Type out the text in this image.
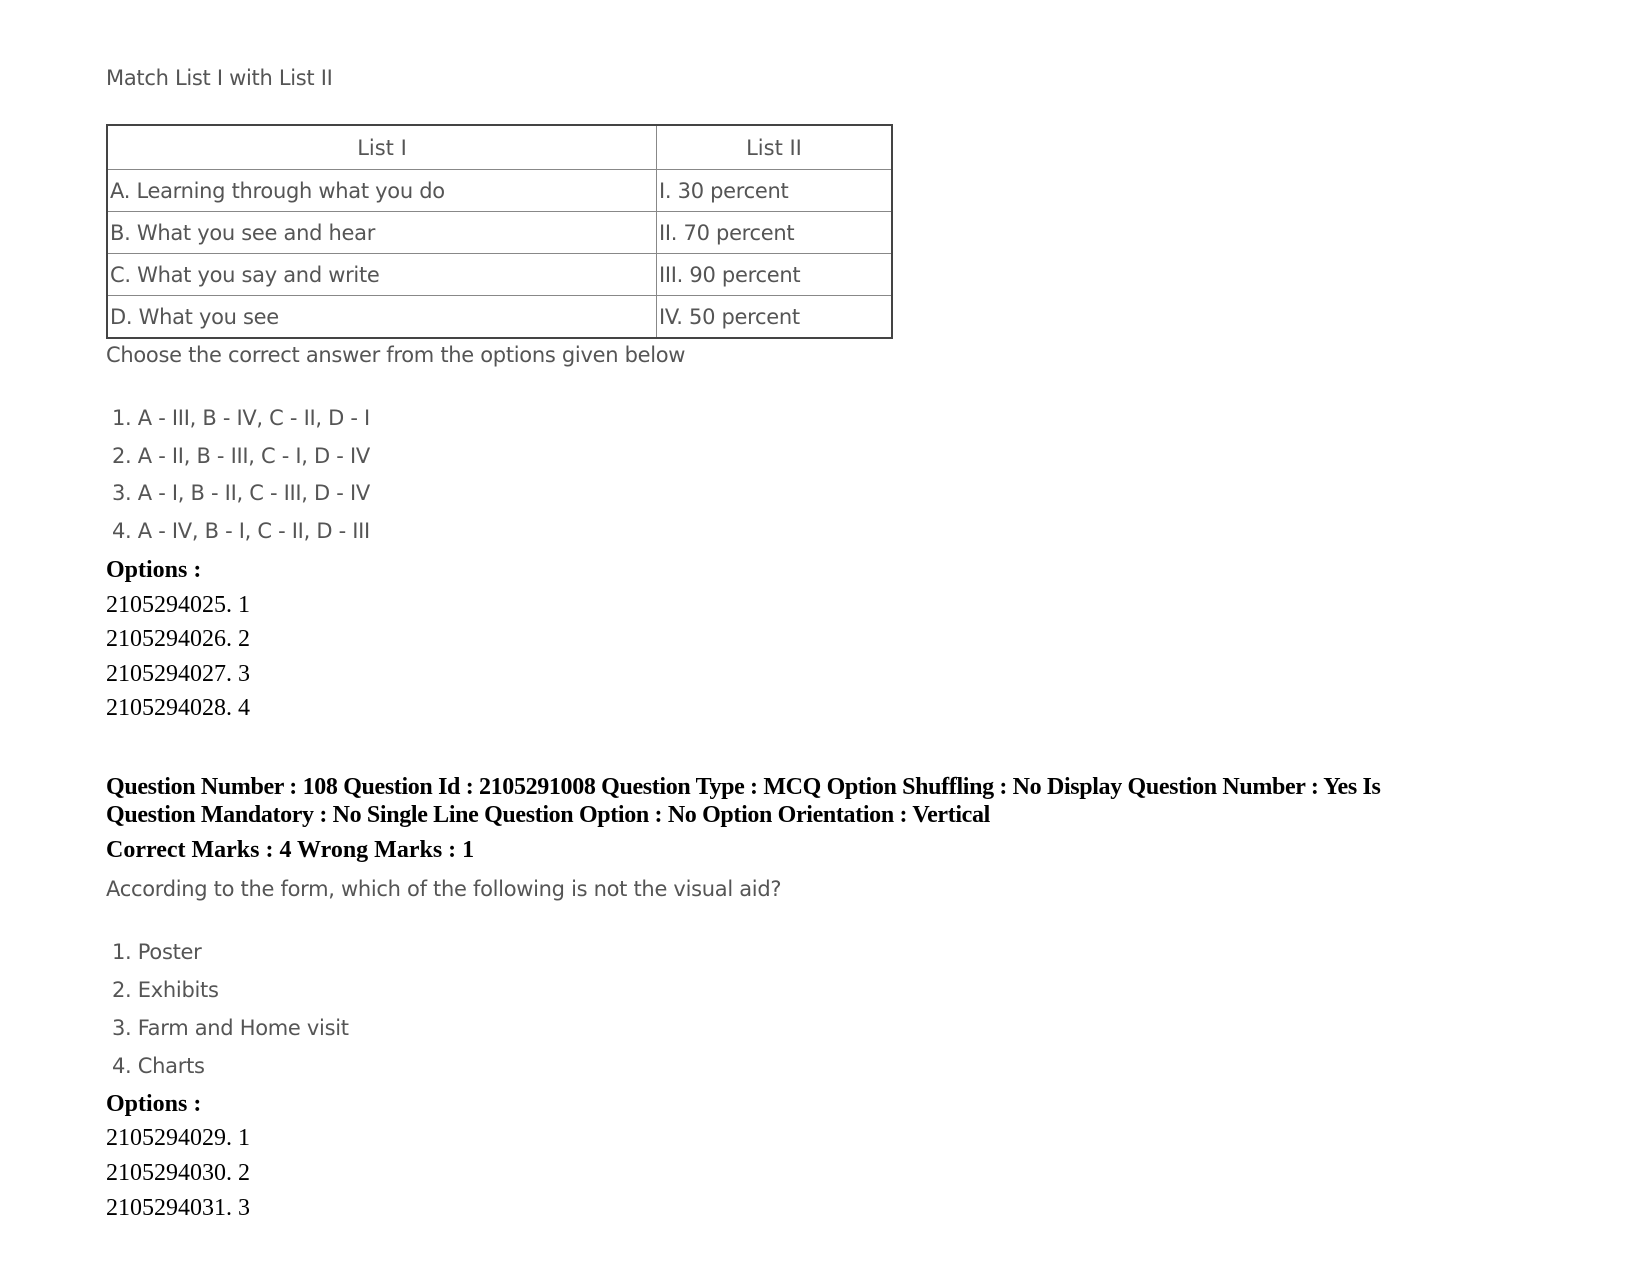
Match List I with List II
List I	List II
A. Learning through what you do	I. 30 percent
B. What you see and hear	II. 70 percent
C. What you say and write	III. 90 percent
D. What you see	IV. 50 percent
Choose the correct answer from the options given below
1. A - III, B - IV, C - II, D - I
2. A - II, B - III, C - I, D - IV
3. A - I, B - II, C - III, D - IV
4. A - IV, B - I, C - II, D - III
Options :
2105294025. 1
2105294026. 2
2105294027. 3
2105294028. 4
Question Number : 108 Question Id : 2105291008 Question Type : MCQ Option Shuffling : No Display Question Number : Yes Is
Question Mandatory : No Single Line Question Option : No Option Orientation : Vertical
Correct Marks : 4 Wrong Marks : 1
According to the form, which of the following is not the visual aid?
1. Poster
2. Exhibits
3. Farm and Home visit
4. Charts
Options :
2105294029. 1
2105294030. 2
2105294031. 3
